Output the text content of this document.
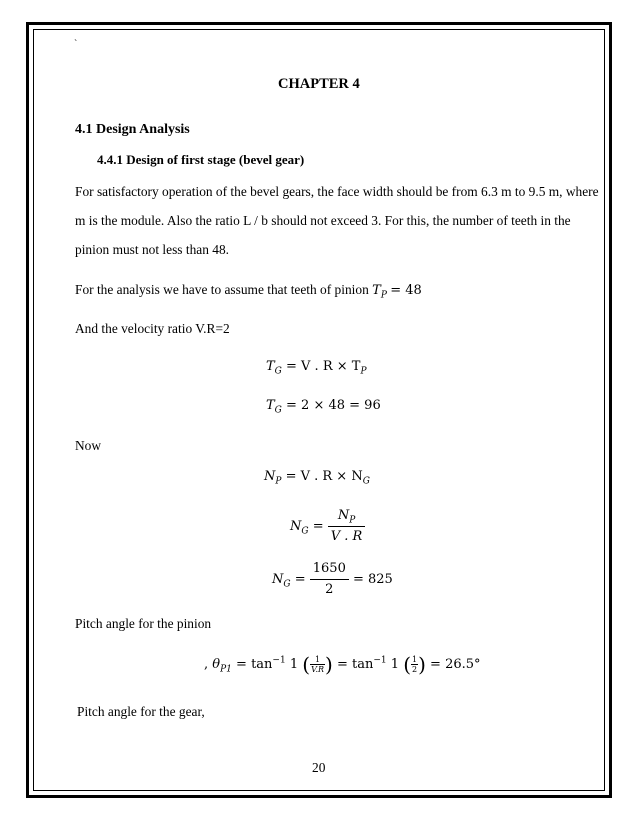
`
CHAPTER 4
4.1 Design Analysis
4.4.1 Design of first stage (bevel gear)
For satisfactory operation of the bevel gears, the face width should be from 6.3 m to 9.5 m, where
m is the module. Also the ratio L / b should not exceed 3. For this, the number of teeth in the
pinion must not less than 48.
For the analysis we have to assume that teeth of pinion $T_P = 48$
And the velocity ratio V.R=2
$T_G = V$ . $R \times T_P$
$T_G = 2 \times 48 = 96$
Now
$N_P = V$ . $R \times N_G$
$N_G = \frac{N_P}{V . R}$
$N_G = \frac{1650}{2} = 825$
Pitch angle for the pinion
, $\theta_{P1} = \tan^{-1} 1$ ( $\frac{1}{V.R}$ ) = $\tan^{-1} 1$ ( $\frac{1}{2}$ ) = 26.5°
Pitch angle for the gear,
20
